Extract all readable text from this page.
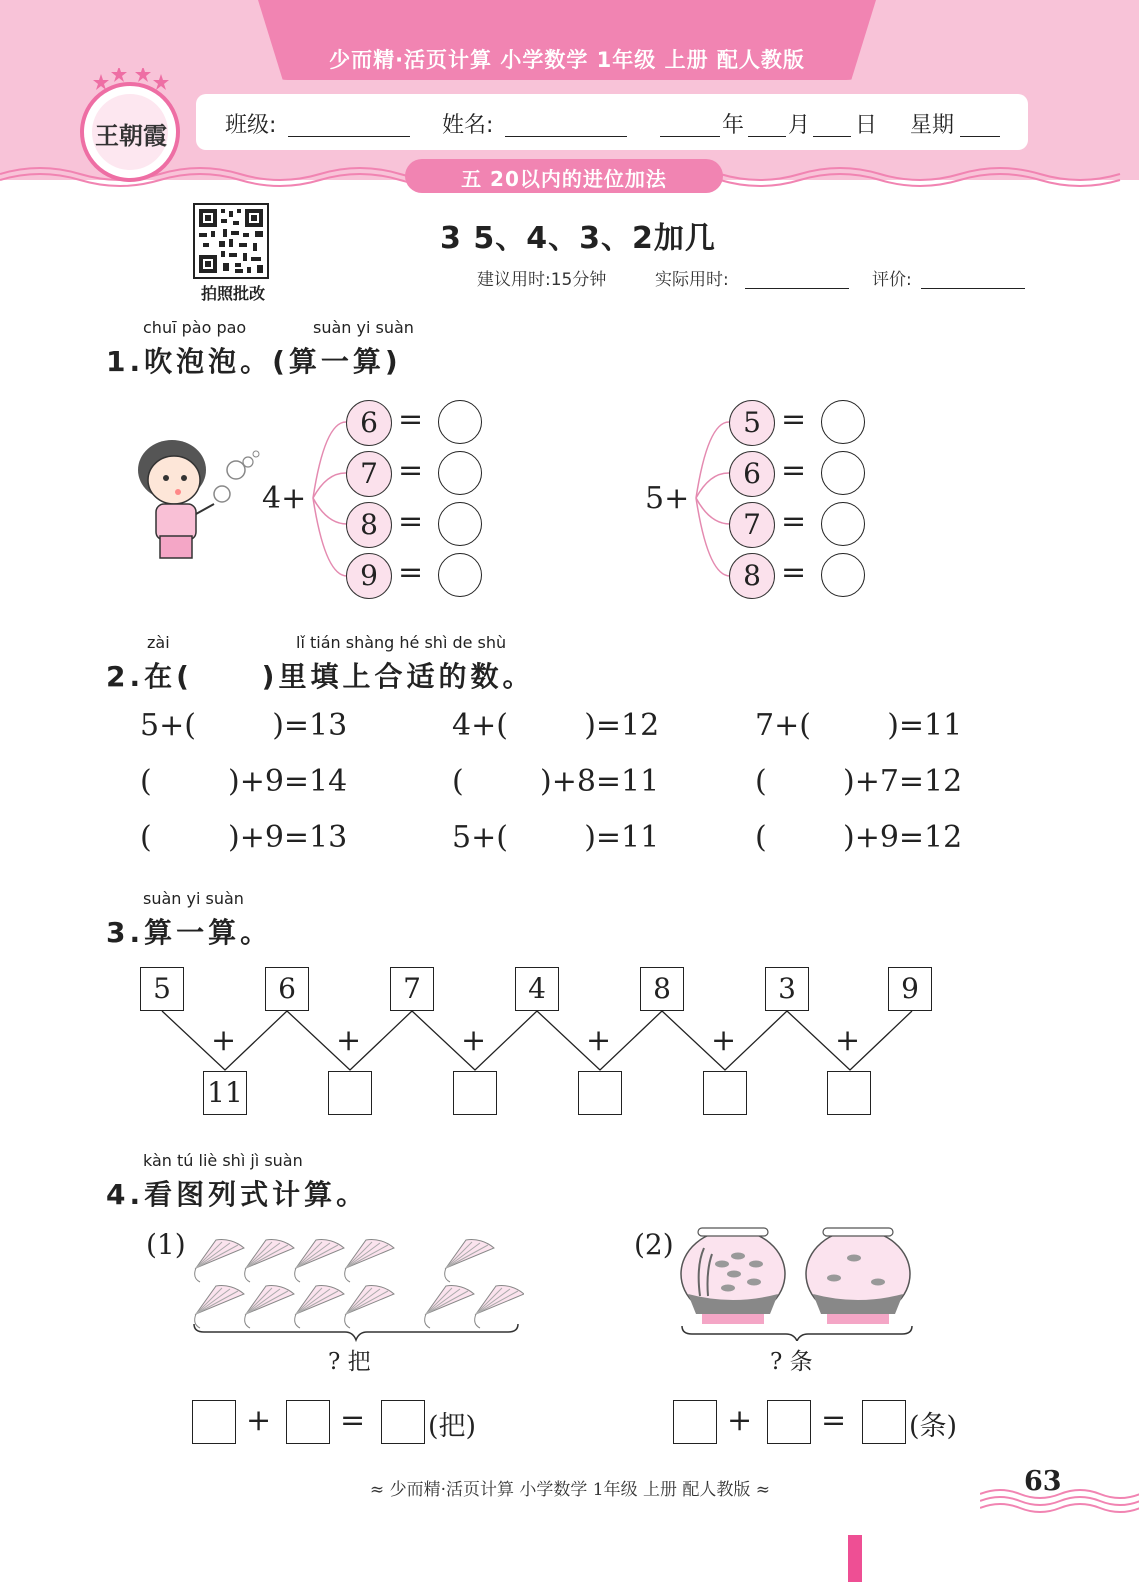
少而精·活页计算 小学数学 1年级 上册 配人教版
班级:	姓名:	年 月 日 星期
王朝霞
五 20以内的进位加法
拍照批改
3 5、4、3、2加几
建议用时:15分钟	实际用时:	评价:
chuī pào pao	suàn yi suàn
1.吹泡泡。(算一算)
4+
6 =
7 =
8 =
9 =
5+
5 =
6 =
7 =
8 =
zài	lǐ tián shàng hé shì de shù
2.在(     )里填上合适的数。
5+(        )=13	4+(        )=12	7+(        )=11
(        )+9=14	(        )+8=11	(        )+7=12
(        )+9=13	5+(        )=11	(        )+9=12
suàn yi suàn
3.算一算。
5	6	7	4	8	3	9
+	+	+	+	+	+
11
kàn tú liè shì jì suàn
4.看图列式计算。
(1)
? 把
(2)
? 条
+ = (把)	+ = (条)
≈ 少而精·活页计算 小学数学 1年级 上册 配人教版 ≈	63
